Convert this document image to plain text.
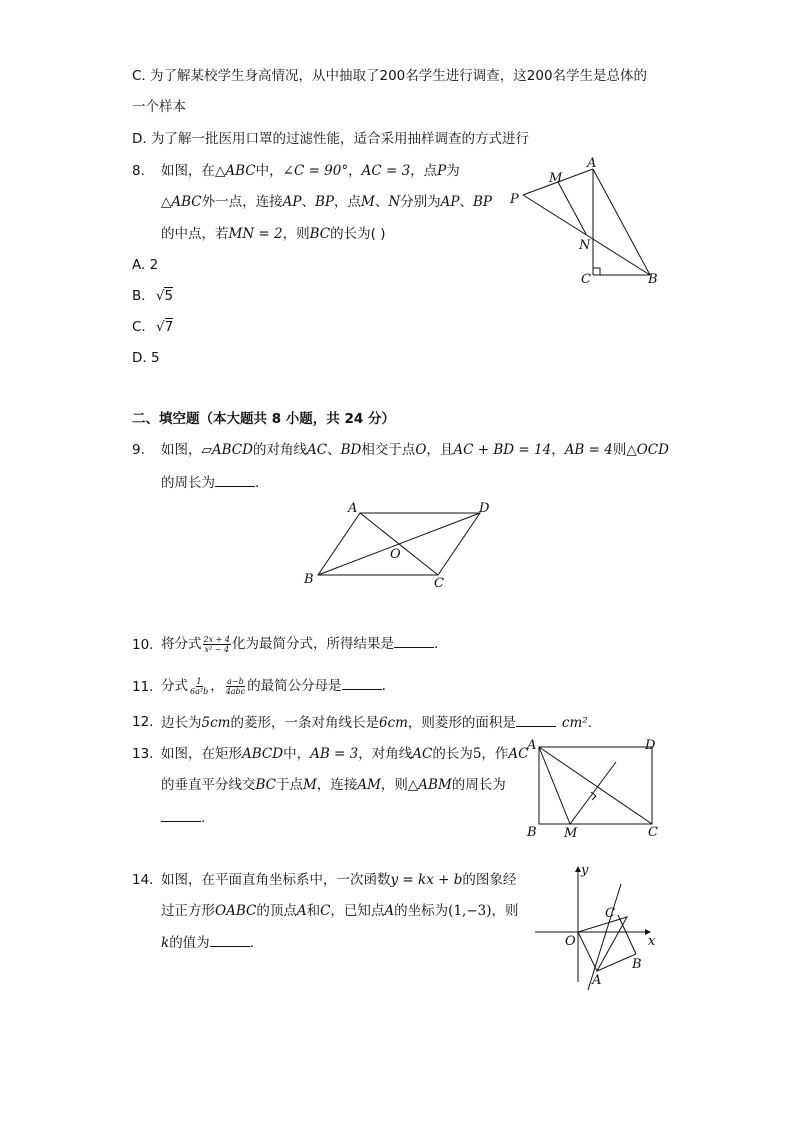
C. 为了解某校学生身高情况，从中抽取了200名学生进行调查，这200名学生是总体的
一个样本
D. 为了解一批医用口罩的过滤性能，适合采用抽样调查的方式进行
8. 如图，在△ABC中，∠C = 90°，AC = 3，点P为
△ABC外一点，连接AP、BP，点M、N分别为AP、BP
的中点，若MN = 2，则BC的长为( )
A. 2
B. √5
C. √7
D. 5
A
M
P
N
C	B
二、填空题（本大题共 8 小题，共 24 分）
9. 如图，▱ABCD的对角线AC、BD相交于点O，且AC + BD = 14，AB = 4则△OCD
的周长为	.
A	D
O
B	C
10. 将分式 $\frac{2x + 4}{\text{x² − 4}}$ 化为最简分式，所得结果是	.
11. 分式 $\frac{1}{\text{6a²b}}$ ， $\frac{a-b}{\text{4abc}}$ 的最简公分母是	.
12. 边长为5cm的菱形，一条对角线长是6cm，则菱形的面积是	cm².
13. 如图，在矩形ABCD中，AB = 3，对角线AC的长为5，作AC
的垂直平分线交BC于点M，连接AM，则△ABM的周长为
.
A	D
B M	C
14. 如图，在平面直角坐标系中，一次函数y = kx + b的图象经
过正方形OABC的顶点A和C，已知点A的坐标为(1,−3)，则
k的值为	.
y
x
O
C
B
A
